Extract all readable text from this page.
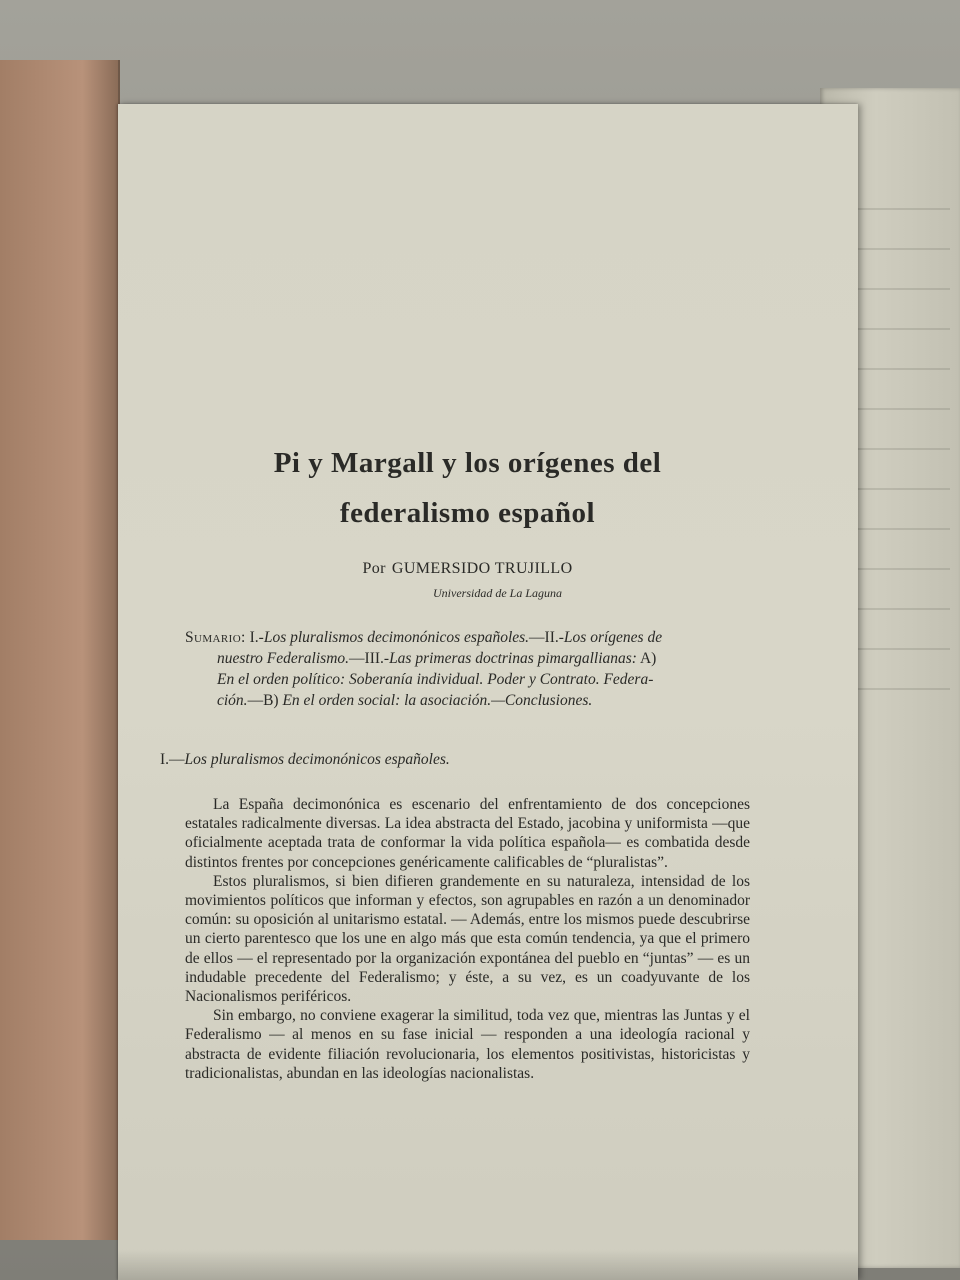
Pi y Margall y los orígenes del
federalismo español
Por GUMERSIDO TRUJILLO
Universidad de La Laguna
Sumario: I.-Los pluralismos decimonónicos españoles.—II.-Los orígenes de
nuestro Federalismo.—III.-Las primeras doctrinas pimargallianas: A)
En el orden político: Soberanía individual. Poder y Contrato. Federa-
ción.—B) En el orden social: la asociación.—Conclusiones.
I.—Los pluralismos decimonónicos españoles.

La España decimonónica es escenario del enfrentamiento de dos concepciones estatales radicalmente diversas. La idea abstracta del Estado, jacobina y uniformista —que oficialmente aceptada trata de conformar la vida política española— es combatida desde distintos frentes por concepciones genéricamente calificables de “pluralistas”.

Estos pluralismos, si bien difieren grandemente en su naturaleza, intensidad de los movimientos políticos que informan y efectos, son agrupables en razón a un denominador común: su oposición al unitarismo estatal. — Además, entre los mismos puede descubrirse un cierto parentesco que los une en algo más que esta común tendencia, ya que el primero de ellos — el representado por la organización expontánea del pueblo en “juntas” — es un indudable precedente del Federalismo; y éste, a su vez, es un coadyuvante de los Nacionalismos periféricos.

Sin embargo, no conviene exagerar la similitud, toda vez que, mientras las Juntas y el Federalismo — al menos en su fase inicial — responden a una ideología racional y abstracta de evidente filiación revolucionaria, los elementos positivistas, historicistas y tradicionalistas, abundan en las ideologías nacionalistas.
